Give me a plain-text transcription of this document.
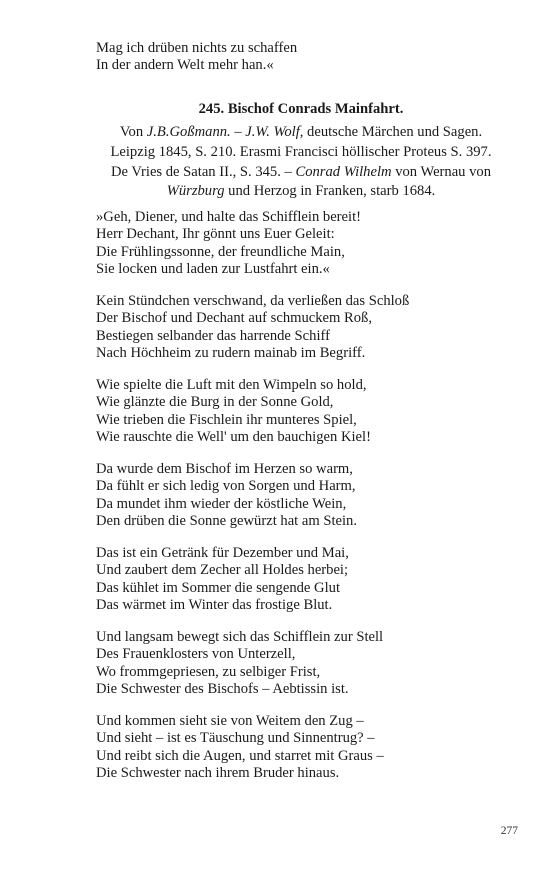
Mag ich drüben nichts zu schaffen
In der andern Welt mehr han.«
245. Bischof Conrads Mainfahrt.
Von J.B.Goßmann. – J.W. Wolf, deutsche Märchen und Sagen.
Leipzig 1845, S. 210. Erasmi Francisci höllischer Proteus S. 397.
De Vries de Satan II., S. 345. – Conrad Wilhelm von Wernau von
Würzburg und Herzog in Franken, starb 1684.
»Geh, Diener, und halte das Schifflein bereit!
Herr Dechant, Ihr gönnt uns Euer Geleit:
Die Frühlingssonne, der freundliche Main,
Sie locken und laden zur Lustfahrt ein.«
Kein Stündchen verschwand, da verließen das Schloß
Der Bischof und Dechant auf schmuckem Roß,
Bestiegen selbander das harrende Schiff
Nach Höchheim zu rudern mainab im Begriff.
Wie spielte die Luft mit den Wimpeln so hold,
Wie glänzte die Burg in der Sonne Gold,
Wie trieben die Fischlein ihr munteres Spiel,
Wie rauschte die Well' um den bauchigen Kiel!
Da wurde dem Bischof im Herzen so warm,
Da fühlt er sich ledig von Sorgen und Harm,
Da mundet ihm wieder der köstliche Wein,
Den drüben die Sonne gewürzt hat am Stein.
Das ist ein Getränk für Dezember und Mai,
Und zaubert dem Zecher all Holdes herbei;
Das kühlet im Sommer die sengende Glut
Das wärmet im Winter das frostige Blut.
Und langsam bewegt sich das Schifflein zur Stell
Des Frauenklosters von Unterzell,
Wo frommgepriesen, zu selbiger Frist,
Die Schwester des Bischofs – Aebtissin ist.
Und kommen sieht sie von Weitem den Zug –
Und sieht – ist es Täuschung und Sinnentrug? –
Und reibt sich die Augen, und starret mit Graus –
Die Schwester nach ihrem Bruder hinaus.
277
